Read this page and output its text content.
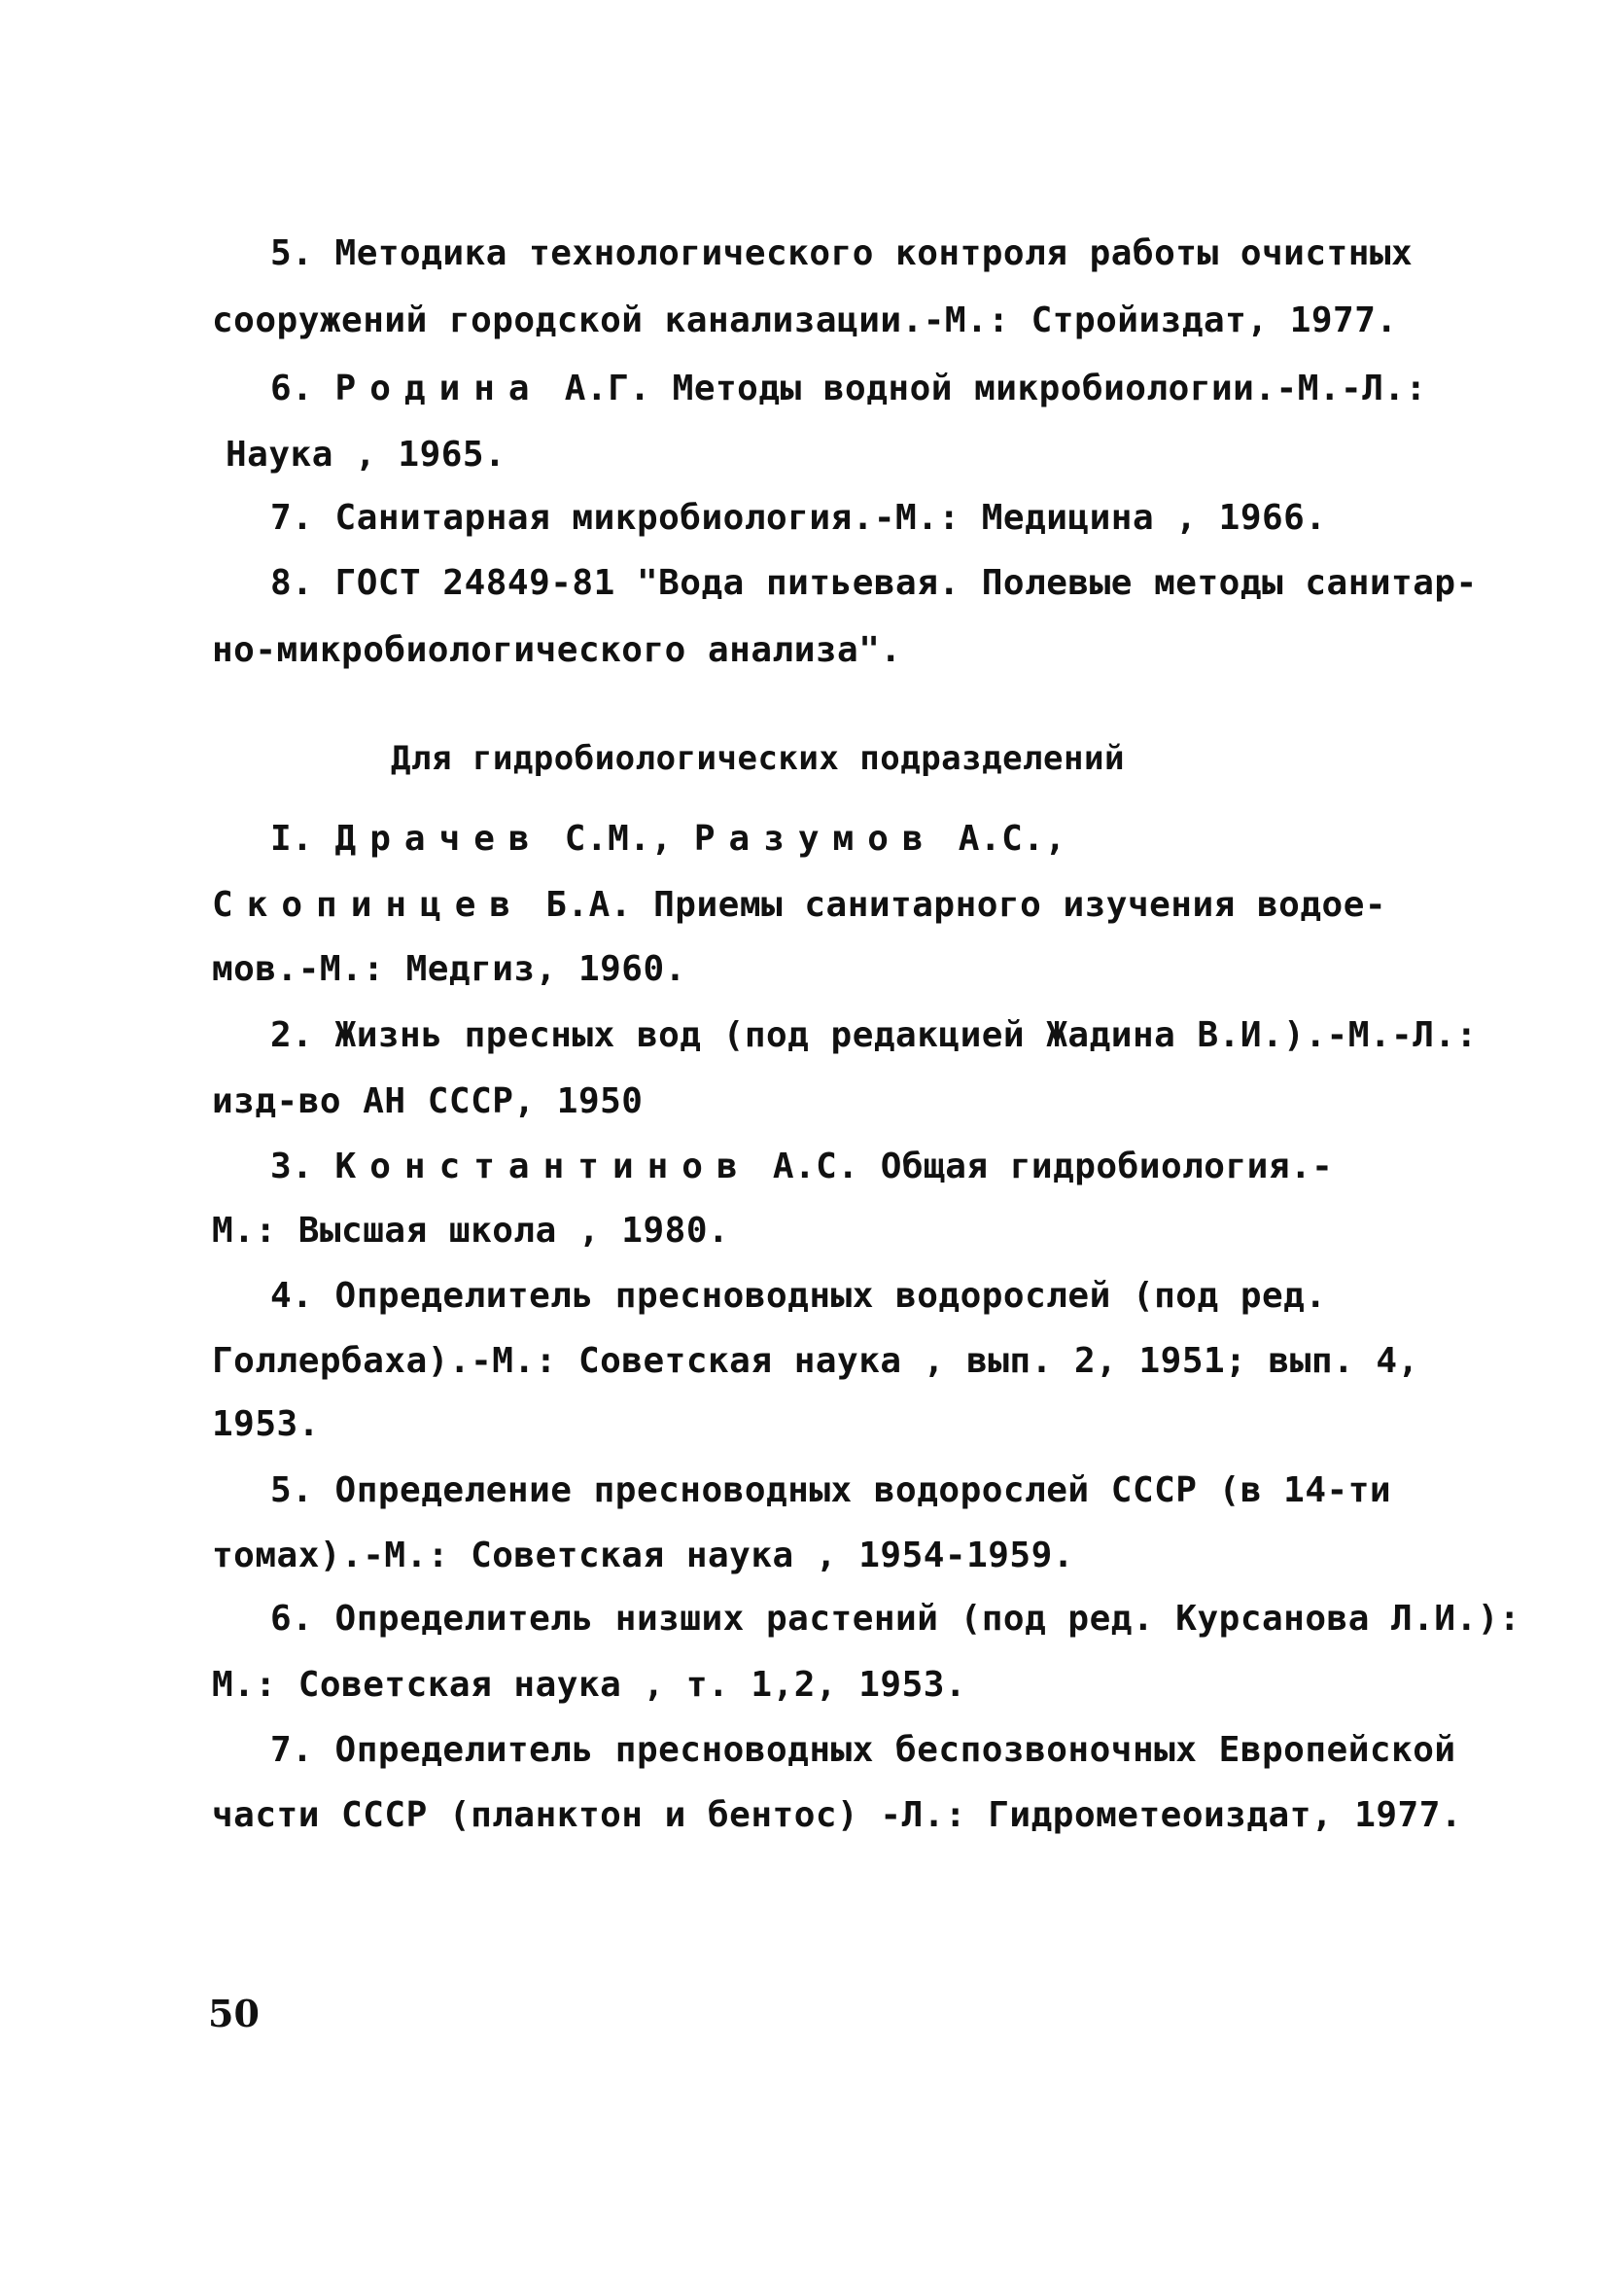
5. Методика технологического контроля работы очистных
сооружений городской канализации.-М.: Стройиздат, 1977.
6. Родина А.Г. Методы водной микробиологии.-М.-Л.:
Наука , 1965.
7. Санитарная микробиология.-М.: Медицина , 1966.
8. ГОСТ 24849-81 "Вода питьевая. Полевые методы санитар-
но-микробиологического анализа".
Для гидробиологических подразделений
I. Драчев С.М., Разумов А.С.,
Скопинцев Б.А. Приемы санитарного изучения водое-
мов.-М.: Медгиз, 1960.
2. Жизнь пресных вод (под редакцией Жадина В.И.).-М.-Л.:
изд-во АН СССР, 1950
3. Константинов А.С. Общая гидробиология.-
М.: Высшая школа , 1980.
4. Определитель пресноводных водорослей (под ред.
Голлербаха).-М.: Советская наука , вып. 2, 1951; вып. 4,
1953.
5. Определение пресноводных водорослей СССР (в 14-ти
томах).-М.: Советская наука , 1954-1959.
6. Определитель низших растений (под ред. Курсанова Л.И.):
М.: Советская наука , т. 1,2, 1953.
7. Определитель пресноводных беспозвоночных Европейской
части СССР (планктон и бентос) -Л.: Гидрометеоиздат, 1977.
50
